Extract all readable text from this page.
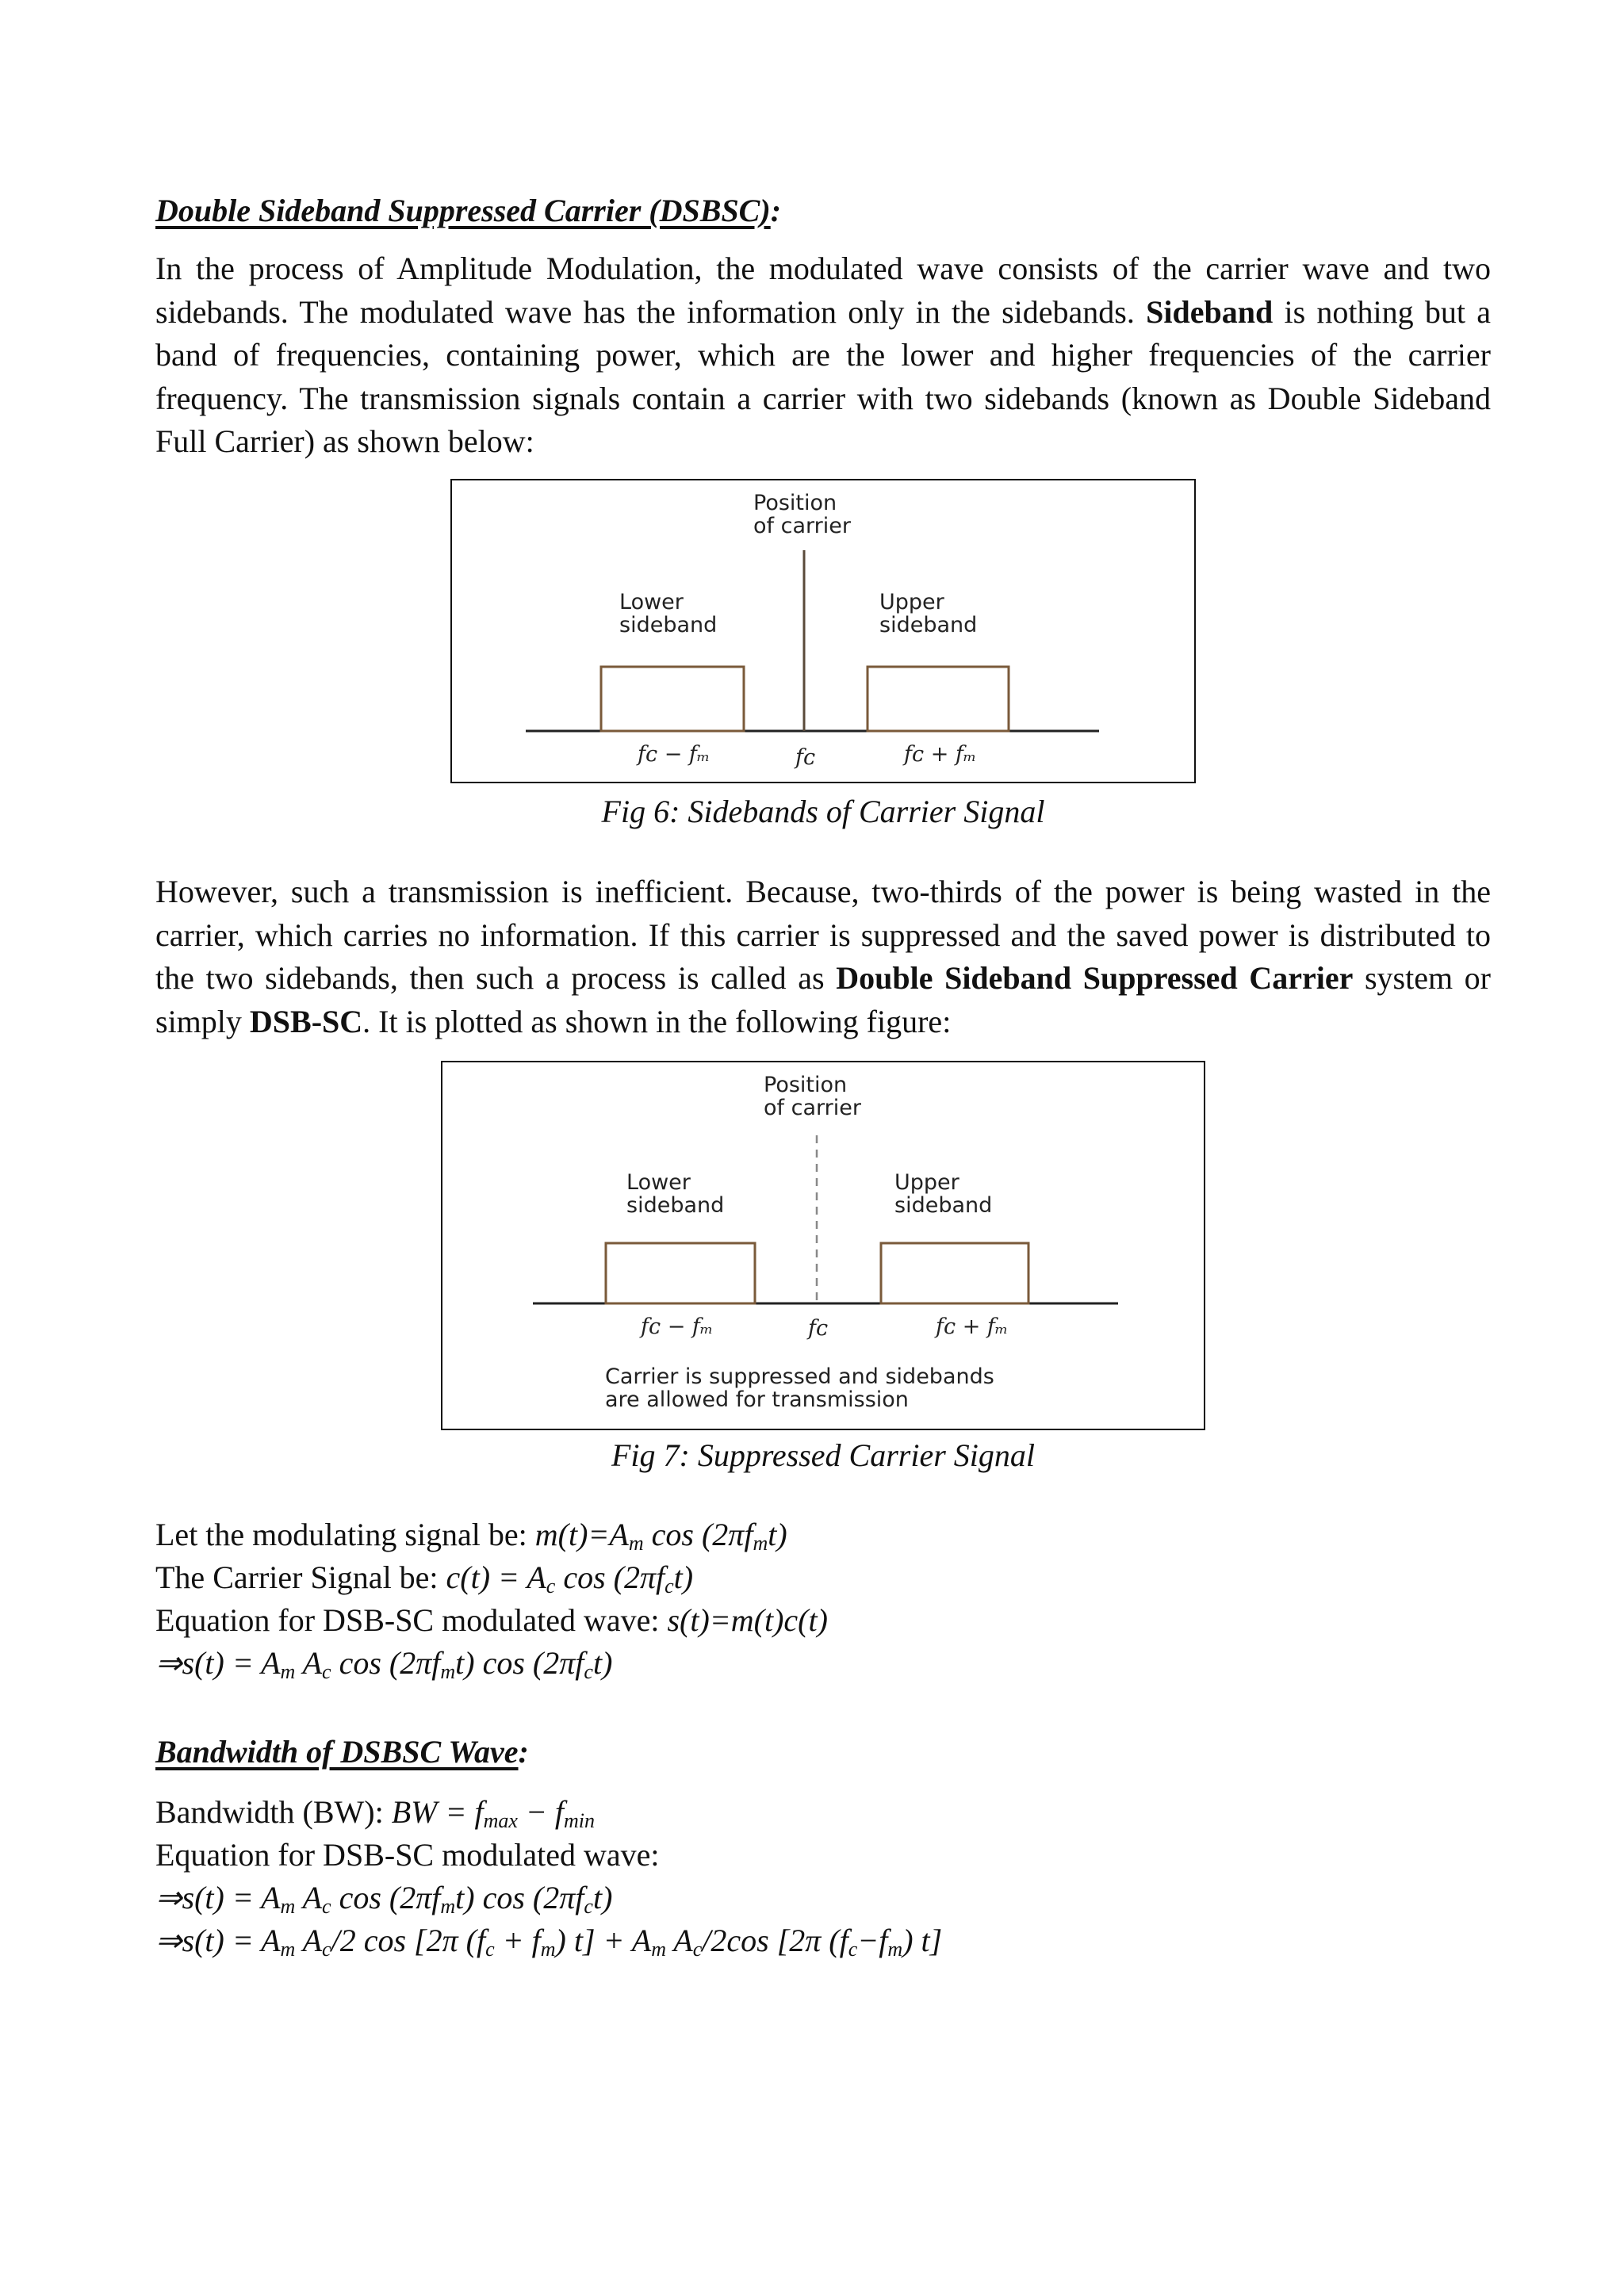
Double Sideband Suppressed Carrier (DSBSC):
In the process of Amplitude Modulation, the modulated wave consists of the carrier wave and two sidebands. The modulated wave has the information only in the sidebands. Sideband is nothing but a band of frequencies, containing power, which are the lower and higher frequencies of the carrier frequency. The transmission signals contain a carrier with two sidebands (known as Double Sideband Full Carrier) as shown below:
Position
of carrier
Lower
sideband
Upper
sideband
fᴄ − fₘ	fᴄ	fᴄ + fₘ
Fig 6: Sidebands of Carrier Signal
However, such a transmission is inefficient. Because, two-thirds of the power is being wasted in the carrier, which carries no information. If this carrier is suppressed and the saved power is distributed to the two sidebands, then such a process is called as Double Sideband Suppressed Carrier system or simply DSB-SC. It is plotted as shown in the following figure:
Position
of carrier
Lower
sideband
Upper
sideband
fᴄ − fₘ	fᴄ	fᴄ + fₘ
Carrier is suppressed and sidebands
are allowed for transmission
Fig 7: Suppressed Carrier Signal
Let the modulating signal be: $m(t)=A_m$ $\cos (2\pi f_mt)$
The Carrier Signal be: $c(t) = A_c$ $\cos (2\pi f_ct)$
Equation for DSB-SC modulated wave: s(t)=m(t)c(t)
⇒s(t) = $A_m$ $A_c$ $\cos (2\pi f_mt)$ $\cos (2\pi f_ct)$
Bandwidth of DSBSC Wave:
Bandwidth (BW): BW = $f_{max} - f_{min}$
Equation for DSB-SC modulated wave:
⇒s(t) = $A_m$ $A_c$ $\cos (2\pi f_mt)$ $\cos (2\pi f_ct)$
⇒s(t) = $A_m$ $A_c/2$ cos [2π $(f_c + f_m) t] + A_m$ $A_c/2\cos$ [2π $(f_c-f_m)$ t]
